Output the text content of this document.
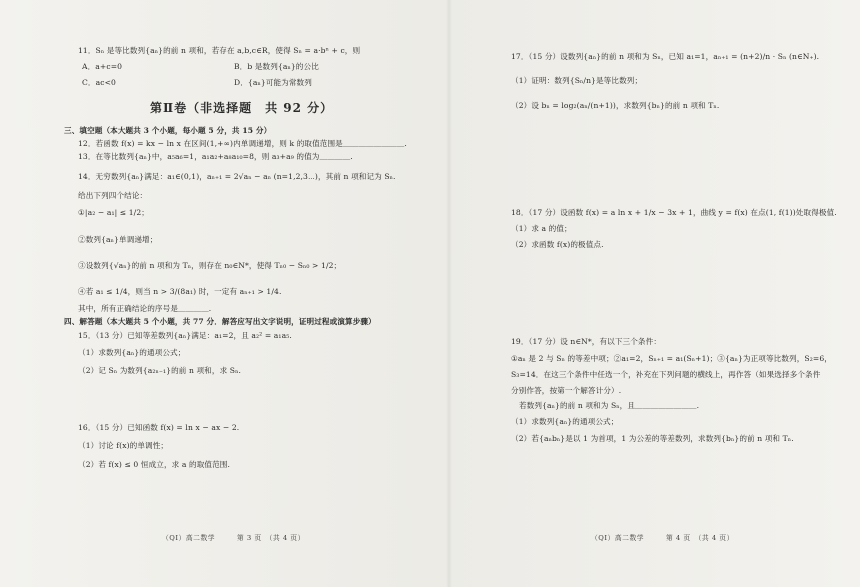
11．Sₙ 是等比数列{aₙ}的前 n 项和，若存在 a,b,c∈R，使得 Sₙ = a·bⁿ + c，则
A．a+c=0	B．b 是数列{aₙ}的公比
C．ac<0	D．{aₙ}可能为常数列
第Ⅱ卷（非选择题　共 92 分）
三、填空题（本大题共 3 个小题，每小题 5 分，共 15 分）
12．若函数 f(x) = kx − ln x 在区间(1,+∞)内单调递增，则 k 的取值范围是＿＿＿＿＿＿＿＿.
13．在等比数列{aₙ}中，a₅a₆=1，a₁a₂+a₈a₁₀=8，则 a₃+a₉ 的值为＿＿＿＿.
14．无穷数列{aₙ}满足：a₁∈(0,1)，aₙ₊₁ = 2√aₙ − aₙ (n=1,2,3⋯)，其前 n 项和记为 Sₙ.
给出下列四个结论：
①|a₂ − a₁| ≤ 1/2；
②数列{aₙ}单调递增；
③设数列{√aₙ}的前 n 项和为 Tₙ，则存在 n₀∈N*，使得 Tₙ₀ − Sₙ₀ > 1/2；
④若 a₁ ≤ 1/4，则当 n > 3/(8a₁) 时，一定有 aₙ₊₁ > 1/4.
其中，所有正确结论的序号是＿＿＿＿.
四、解答题（本大题共 5 个小题，共 77 分．解答应写出文字说明，证明过程或演算步骤）
15．（13 分）已知等差数列{aₙ}满足：a₁=2，且 a₂² = a₁a₅.
（1）求数列{aₙ}的通项公式；
（2）记 Sₙ 为数列{a₂ₙ₋₁}的前 n 项和，求 Sₙ.
16．（15 分）已知函数 f(x) = ln x − ax − 2.
（1）讨论 f(x)的单调性；
（2）若 f(x) ≤ 0 恒成立，求 a 的取值范围.
（QI）高二数学　　　第 3 页　（共 4 页）
17．（15 分）设数列{aₙ}的前 n 项和为 Sₙ，已知 a₁=1，aₙ₊₁ = (n+2)/n · Sₙ (n∈N₊).
（1）证明：数列{Sₙ/n}是等比数列；
（2）设 bₙ = log₂(aₙ/(n+1))，求数列{bₙ}的前 n 项和 Tₙ.
18．（17 分）设函数 f(x) = a ln x + 1/x − 3x + 1，曲线 y = f(x) 在点(1, f(1))处取得极值.
（1）求 a 的值；
（2）求函数 f(x)的极值点.
19．（17 分）设 n∈N*，有以下三个条件：
①aₙ 是 2 与 Sₙ 的等差中项；②a₁=2，Sₙ₊₁ = a₁(Sₙ+1)；③{aₙ}为正项等比数列，S₂=6，
S₃=14．在这三个条件中任选一个，补充在下列问题的横线上，再作答（如果选择多个条件
分别作答，按第一个解答计分）.
若数列{aₙ}的前 n 项和为 Sₙ，且＿＿＿＿＿＿＿＿.
（1）求数列{aₙ}的通项公式；
（2）若{aₙbₙ}是以 1 为首项，1 为公差的等差数列，求数列{bₙ}的前 n 项和 Tₙ.
（QI）高二数学　　　第 4 页　（共 4 页）
